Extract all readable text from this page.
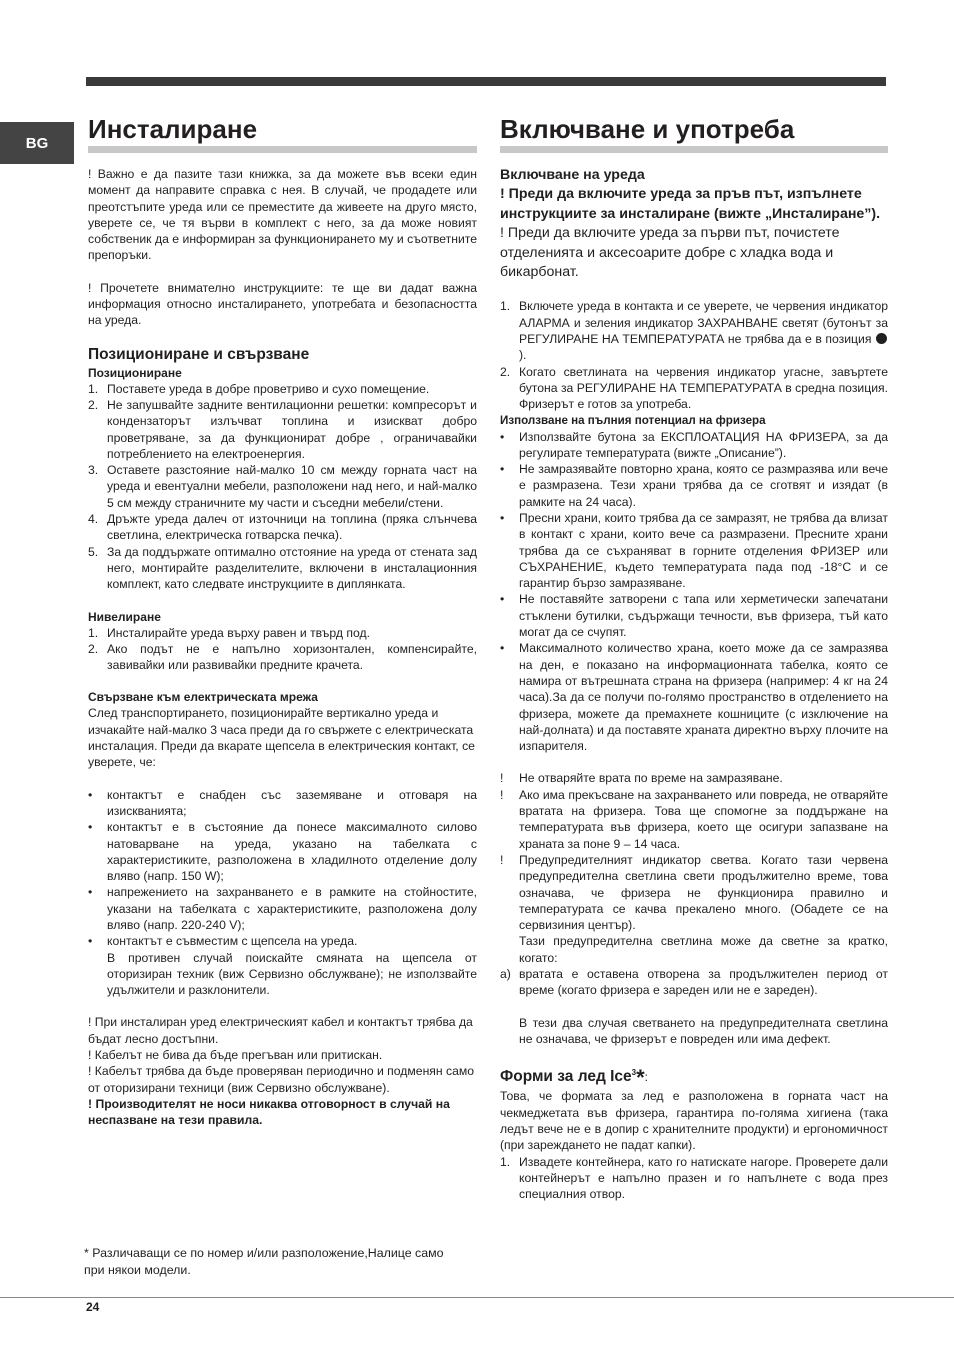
BG	Инсталиране

! Важно е да пазите тази книжка, за да можете във всеки един момент да направите справка с нея. В случай, че продадете или преотстъпите уреда или се преместите да живеете на друго място, уверете се, че тя върви в комплект с него, за да може новият собственик да е информиран за функционирането му и съответните препоръки.

! Прочетете внимателно инструкциите: те ще ви дадат важна информация относно инсталирането, употребата и безопасността на уреда.

Позициониране и свързване
Позициониране
1. Поставете уреда в добре проветриво и сухо помещение.
2. Не запушвайте задните вентилационни решетки: компресорът и кондензаторът излъчват топлина и изискват добро проветряване, за да функционират добре , ограничавайки потреблението на електроенергия.
3. Оставете разстояние най-малко 10 см между горната част на уреда и евентуални мебели, разположени над него, и най-малко 5 см между страничните му части и съседни мебели/стени.
4. Дръжте уреда далеч от източници на топлина (пряка слънчева светлина, електрическа готварска печка).
5. За да поддържате оптимално отстояние на уреда от стената зад него, монтирайте разделителите, включени в инсталационния комплект, като следвате инструкциите в диплянката.
Нивелиране
1. Инсталирайте уреда върху равен и твърд под.
2. Ако подът не е напълно хоризонтален, компенсирайте, завивайки или развивайки предните крачета.
Свързване към електрическата мрежа

След транспортирането, позиционирайте вертикално уреда и изчакайте най-малко 3 часа преди да го свържете с електрическата инсталация. Преди да вкарате щепсела в електрическия контакт, се уверете, че:

•	контактът е снабден със заземяване и отговаря на изискванията;
•	контактът е в състояние да понесе максималното силово натоварване на уреда, указано на табелката с характеристиките, разположена в хладилното отделение долу вляво (напр. 150 W);
•	напрежението на захранването е в рамките на стойностите, указани на табелката с характеристиките, разположена долу вляво (напр. 220-240 V);
•	контактът е съвместим с щепсела на уреда.

В противен случай поискайте смяната на щепсела от оторизиран техник (виж Сервизно обслужване); не използвайте удължители и разклонители.

! При инсталиран уред електрическият кабел и контактът трябва да бъдат лесно достъпни.

! Кабелът не бива да бъде прегъван или притискан.

! Кабелът трябва да бъде проверяван периодично и подменян само от оторизирани техници (виж Сервизно обслужване).

! Производителят не носи никаква отговорност в случай на неспазване на тези правила.

Включване и употреба

Включване на уреда

! Преди да включите уреда за пръв път, изпълнете инструкциите за инсталиране (вижте „Инсталиране”).

! Преди да включите уреда за първи път, почистете отделенията и аксесоарите добре с хладка вода и бикарбонат.

1. Включете уреда в контакта и се уверете, че червения индикатор АЛАРМА и зеления индикатор ЗАХРАНВАНЕ светят (бутонът за РЕГУЛИРАНЕ НА ТЕМПЕРАТУРАТА не трябва да е в позиция ).
2. Когато светлината на червения индикатор угасне, завъртете бутона за РЕГУЛИРАНЕ НА ТЕМПЕРАТУРАТА в средна позиция. Фризерът е готов за употреба.
Използване на пълния потенциал на фризера
•	Използвайте бутона за ЕКСПЛОАТАЦИЯ НА ФРИЗЕРА, за да регулирате температурата (вижте „Описание”).
•	Не замразявайте повторно храна, която се размразява или вече е размразена. Тези храни трябва да се сготвят и изядат (в рамките на 24 часа).
•	Пресни храни, които трябва да се замразят, не трябва да влизат в контакт с храни, които вече са размразени. Пресните храни трябва да се съхраняват в горните отделения ФРИЗЕР или СЪХРАНЕНИЕ, където температурата пада под -18°C и се гарантир бързо замразяване.
•	Не поставяйте затворени с тапа или херметически запечатани стъклени бутилки, съдържащи течности, във фризера, тъй като могат да се счупят.
•	Максималното количество храна, което може да се замразява на ден, е показано на информационната табелка, която се намира от вътрешната страна на фризера (например: 4 кг на 24 часа).За да се получи по-голямо пространство в отделението на фризера, можете да премахнете кошниците (с изключение на най-долната) и да поставяте храната директно върху плочите на изпарителя.
!	Не отваряйте врата по време на замразяване.
!	Ако има прекъсване на захранването или повреда, не отваряйте вратата на фризера. Това ще спомогне за поддържане на температурата във фризера, което ще осигури запазване на храната за поне 9 – 14 часа.
!	Предупредителният индикатор светва. Когато тази червена предупредителна светлина свети продължително време, това означава, че фризера не функционира правилно и температурата се качва прекалено много. (Обадете се на сервизиния център).

Тази предупредителна светлина може да светне за кратко, когато:

a) вратата е оставена отворена за продължителен период от време (когато фризера е зареден или не е зареден).

В тези два случая светването на предупредителната светлина не означава, че фризерът е повреден или има дефект.

Форми за лед Ice$^3$*:

Това, че формата за лед е разположена в горната част на чекмеджетата във фризера, гарантира по-голяма хигиена (така ледът вече не е в допир с хранителните продукти) и ергономичност (при зареждането не падат капки).

1. Извадете контейнера, като го натискате нагоре. Проверете дали контейнерът е напълно празен и го напълнете с вода през специалния отвор.

* Различаващи се по номер и/или разположение,Налице само при някои модели.

24
